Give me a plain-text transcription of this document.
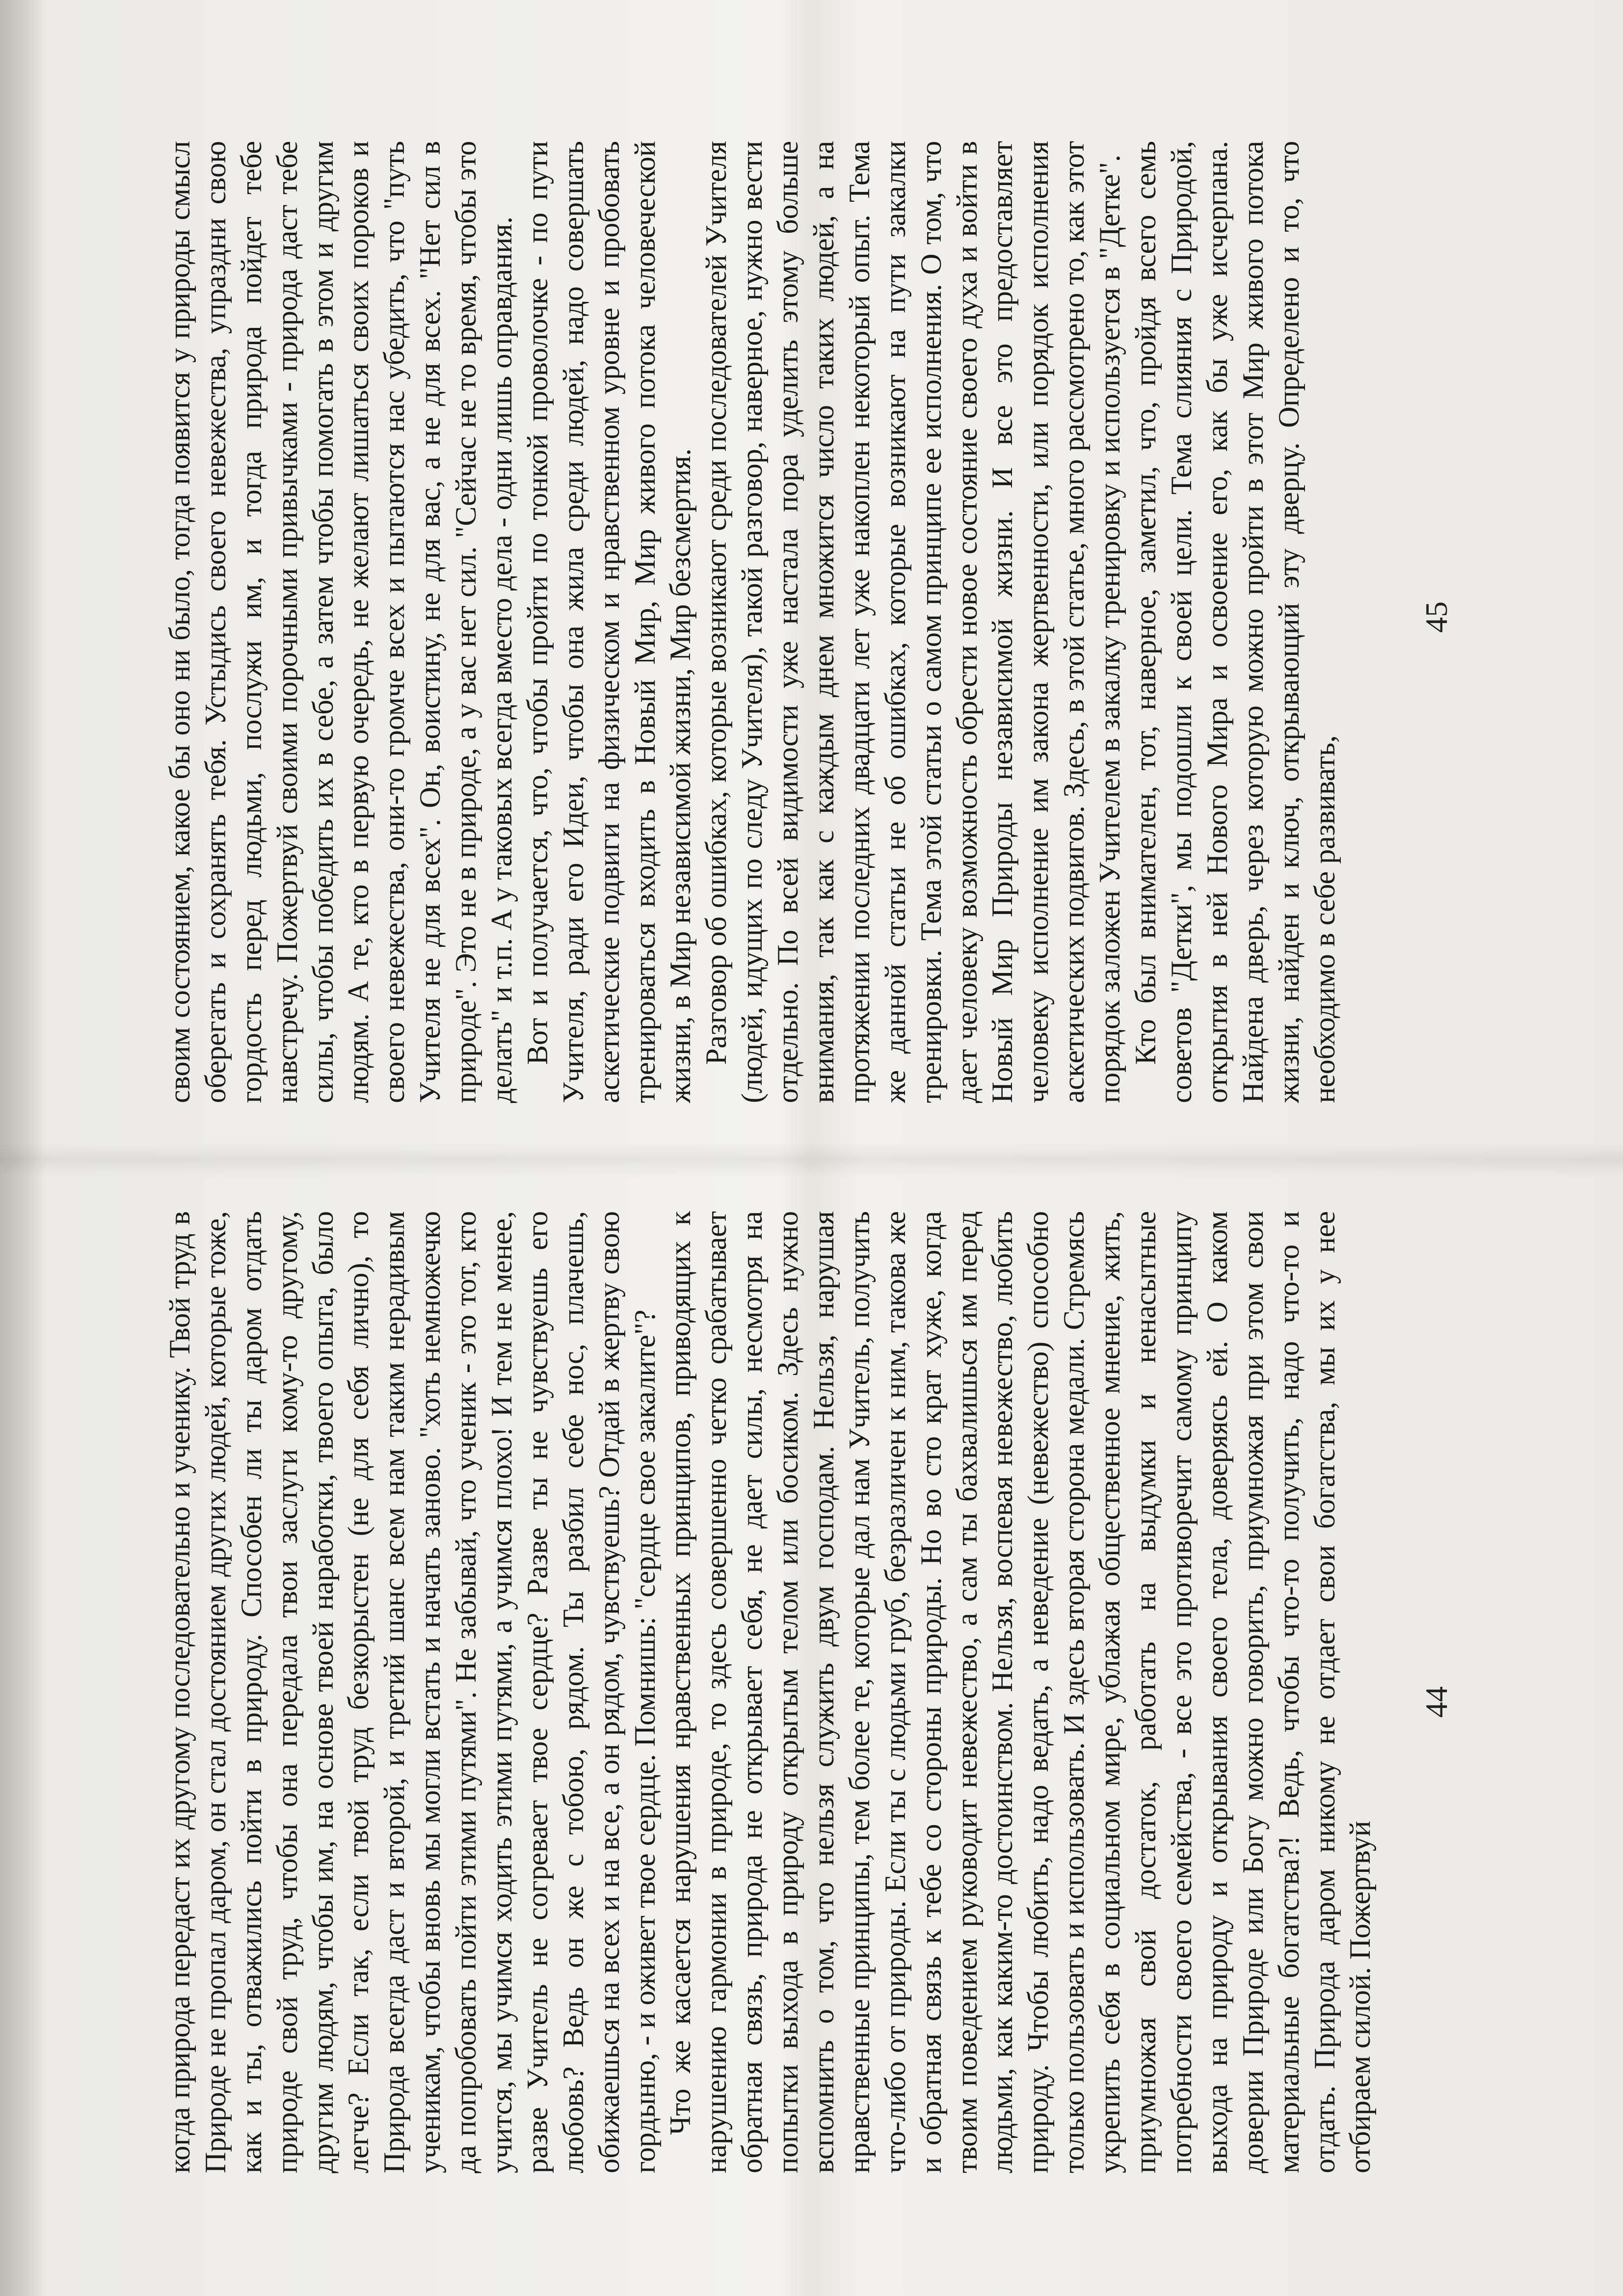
когда природа передаст их другому последовательно и ученику. Твой труд в Природе не пропал даром, он стал достоянием других людей, которые тоже, как и ты, отважились пойти в природу. Способен ли ты даром отдать природе свой труд, чтобы она передала твои заслуги кому-то другому, другим людям, чтобы им, на основе твоей наработки, твоего опыта, было легче? Если так, если твой труд безкорыстен (не для себя лично), то Природа всегда даст и второй, и третий шанс всем нам таким нерадивым ученикам, чтобы вновь мы могли встать и начать заново. "хоть немножечко да попробовать пойти этими путями". Не забывай, что ученик - это тот, кто учится, мы учимся ходить этими путями, а учимся плохо! И тем не менее, разве Учитель не согревает твое сердце? Разве ты не чувствуешь его любовь? Ведь он же с тобою, рядом. Ты разбил себе нос, плачешь, обижаешься на всех и на все, а он рядом, чувствуешь? Отдай в жертву свою гордыню, - и оживет твое сердце. Помнишь: "сердце свое закалите"? Что же касается нарушения нравственных принципов, приводящих к нарушению гармонии в природе, то здесь совершенно четко срабатывает обратная связь, природа не открывает себя, не дает силы, несмотря на попытки выхода в природу открытым телом или босиком. Здесь нужно вспомнить о том, что нельзя служить двум господам. Нельзя, нарушая нравственные принципы, тем более те, которые дал нам Учитель, получить что-либо от природы. Если ты с людьми груб, безразличен к ним, такова же и обратная связь к тебе со стороны природы. Но во сто крат хуже, когда твоим поведением руководит невежество, а сам ты бахвалишься им перед людьми, как каким-то достоинством. Нельзя, воспевая невежество, любить природу. Чтобы любить, надо ведать, а неведение (невежество) способно только пользовать и использовать. И здесь вторая сторона медали. Стремясь укрепить себя в социальном мире, ублажая общественное мнение, жить, приумножая свой достаток, работать на выдумки и ненасытные потребности своего семейства, - все это противоречит самому принципу выхода на природу и открывания своего тела, доверяясь ей. О каком доверии Природе или Богу можно говорить, приумножая при этом свои материальные богатства?! Ведь, чтобы что-то получить, надо что-то и отдать. Природа даром никому не отдает свои богатства, мы их у нее отбираем силой. Пожертвуй

44

своим состоянием, какое бы оно ни было, тогда появится у природы смысл оберегать и сохранять тебя. Устыдись своего невежества, упраздни свою гордость перед людьми, послужи им, и тогда природа пойдет тебе навстречу. Пожертвуй своими порочными привычками - природа даст тебе силы, чтобы победить их в себе, а затем чтобы помогать в этом и другим людям. А те, кто в первую очередь, не желают лишаться своих пороков и своего невежества, они-то громче всех и пытаются нас убедить, что "путь Учителя не для всех". Он, воистину, не для вас, а не для всех. "Нет сил в природе". Это не в природе, а у вас нет сил. "Сейчас не то время, чтобы это делать" и т.п. А у таковых всегда вместо дела - одни лишь оправдания. Вот и получается, что, чтобы пройти по тонкой проволочке - по пути Учителя, ради его Идеи, чтобы она жила среди людей, надо совершать аскетические подвиги на физическом и нравственном уровне и пробовать тренироваться входить в Новый Мир, Мир живого потока человеческой жизни, в Мир независимой жизни, Мир безсмертия. Разговор об ошибках, которые возникают среди последователей Учителя (людей, идущих по следу Учителя), такой разговор, наверное, нужно вести отдельно. По всей видимости уже настала пора уделить этому больше внимания, так как с каждым днем множится число таких людей, а на протяжении последних двадцати лет уже накоплен некоторый опыт. Тема же данной статьи не об ошибках, которые возникают на пути закалки тренировки. Тема этой статьи о самом принципе ее исполнения. О том, что дает человеку возможность обрести новое состояние своего духа и войти в Новый Мир Природы независимой жизни. И все это предоставляет человеку исполнение им закона жертвенности, или порядок исполнения аскетических подвигов. Здесь, в этой статье, много рассмотрено то, как этот порядок заложен Учителем в закалку тренировку и используется в "Детке". Кто был внимателен, тот, наверное, заметил, что, пройдя всего семь советов "Детки", мы подошли к своей цели. Тема слияния с Природой, открытия в ней Нового Мира и освоение его, как бы уже исчерпана. Найдена дверь, через которую можно пройти в этот Мир живого потока жизни, найден и ключ, открывающий эту дверцу. Определено и то, что необходимо в себе развивать,

45
